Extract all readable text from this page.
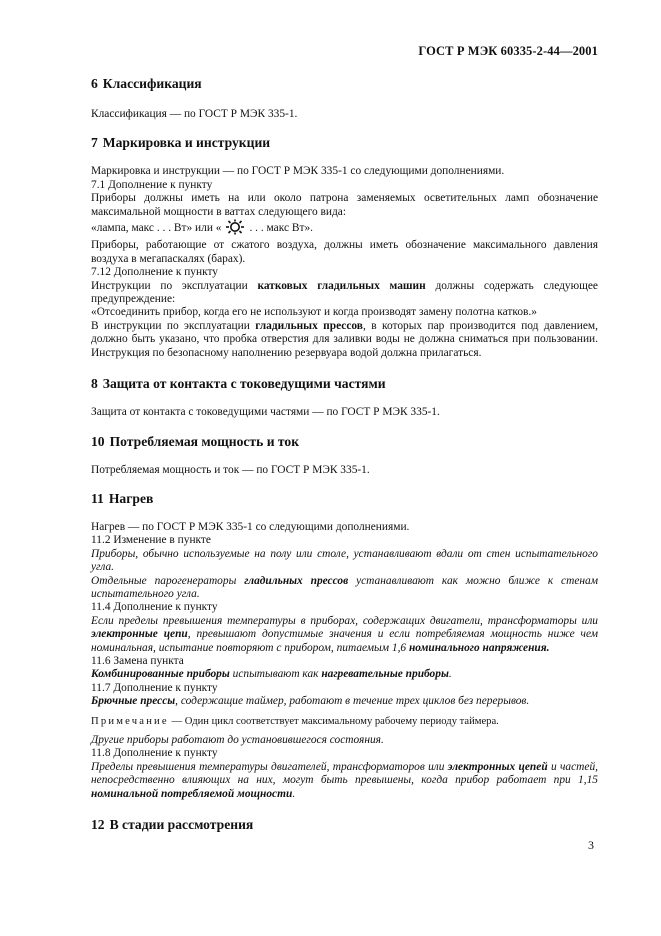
ГОСТ Р МЭК 60335-2-44—2001
6 Классификация

Классификация — по ГОСТ Р МЭК 335-1.

7 Маркировка и инструкции

Маркировка и инструкции — по ГОСТ Р МЭК 335-1 со следующими дополнениями.

7.1 Дополнение к пункту

Приборы должны иметь на или около патрона заменяемых осветительных ламп обозначение максимальной мощности в ваттах следующего вида:

«лампа, макс . . . Вт» или « . . . макс Вт».

Приборы, работающие от сжатого воздуха, должны иметь обозначение максимального давления воздуха в мегапаскалях (барах).

7.12 Дополнение к пункту

Инструкции по эксплуатации катковых гладильных машин должны содержать следующее предупреждение:

«Отсоединить прибор, когда его не используют и когда производят замену полотна катков.»

В инструкции по эксплуатации гладильных прессов, в которых пар производится под давлением, должно быть указано, что пробка отверстия для заливки воды не должна сниматься при пользовании. Инструкция по безопасному наполнению резервуара водой должна прилагаться.

8 Защита от контакта с токоведущими частями

Защита от контакта с токоведущими частями — по ГОСТ Р МЭК 335-1.

10 Потребляемая мощность и ток

Потребляемая мощность и ток — по ГОСТ Р МЭК 335-1.

11 Нагрев

Нагрев — по ГОСТ Р МЭК 335-1 со следующими дополнениями.

11.2 Изменение в пункте

Приборы, обычно используемые на полу или столе, устанавливают вдали от стен испытательного угла.

Отдельные парогенераторы гладильных прессов устанавливают как можно ближе к стенам испытательного угла.

11.4 Дополнение к пункту

Если пределы превышения температуры в приборах, содержащих двигатели, трансформаторы или электронные цепи, превышают допустимые значения и если потребляемая мощность ниже чем номинальная, испытание повторяют с прибором, питаемым 1,6 номинального напряжения.

11.6 Замена пункта

Комбинированные приборы испытывают как нагревательные приборы.

11.7 Дополнение к пункту

Брючные прессы, содержащие таймер, работают в течение трех циклов без перерывов.

Примечание — Один цикл соответствует максимальному рабочему периоду таймера.

Другие приборы работают до установившегося состояния.

11.8 Дополнение к пункту

Пределы превышения температуры двигателей, трансформаторов или электронных цепей и частей, непосредственно влияющих на них, могут быть превышены, когда прибор работает при 1,15 номинальной потребляемой мощности.

12 В стадии рассмотрения
3
